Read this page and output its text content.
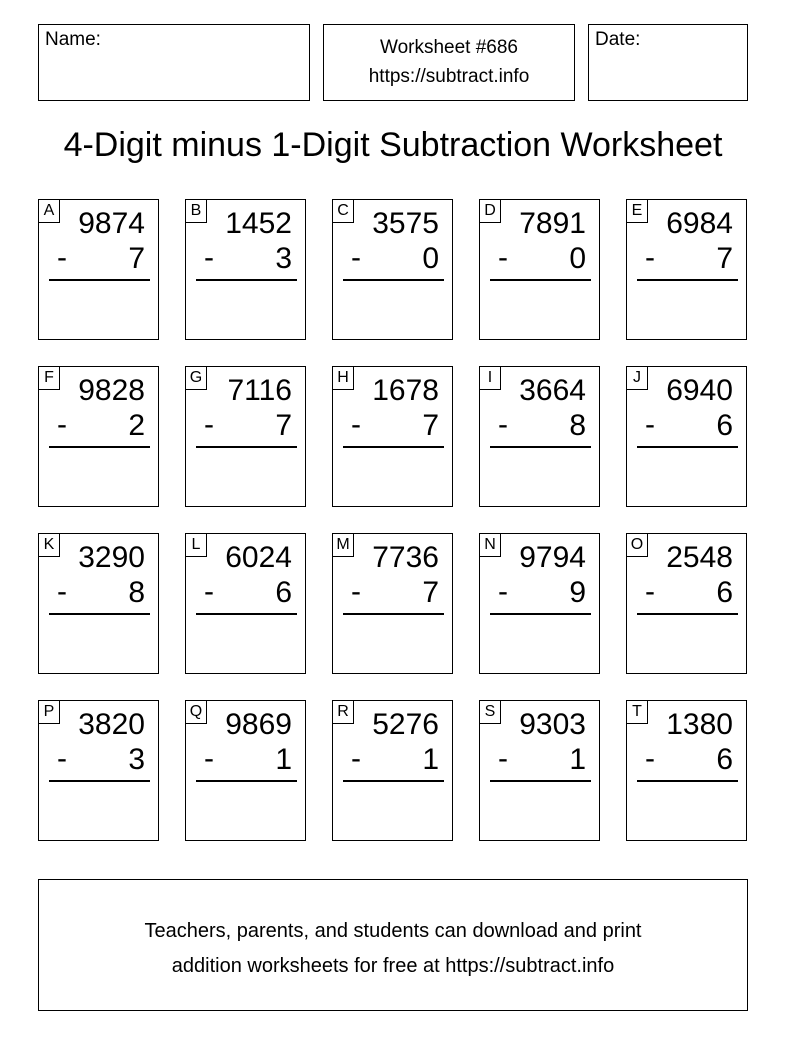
Name:	Worksheet #686
https://subtract.info
Date:
4-Digit minus 1-Digit Subtraction Worksheet
A 9874
- 7
B 1452
- 3
C 3575
- 0
D 7891
- 0
E 6984
- 7
F 9828
- 2
G 7116
- 7
H 1678
- 7
I 3664
- 8
J 6940
- 6
K 3290
- 8
L 6024
- 6
M 7736
- 7
N 9794
- 9
O 2548
- 6
P 3820
- 3
Q 9869
- 1
R 5276
- 1
S 9303
- 1
T 1380
- 6
Teachers, parents, and students can download and print
addition worksheets for free at https://subtract.info
